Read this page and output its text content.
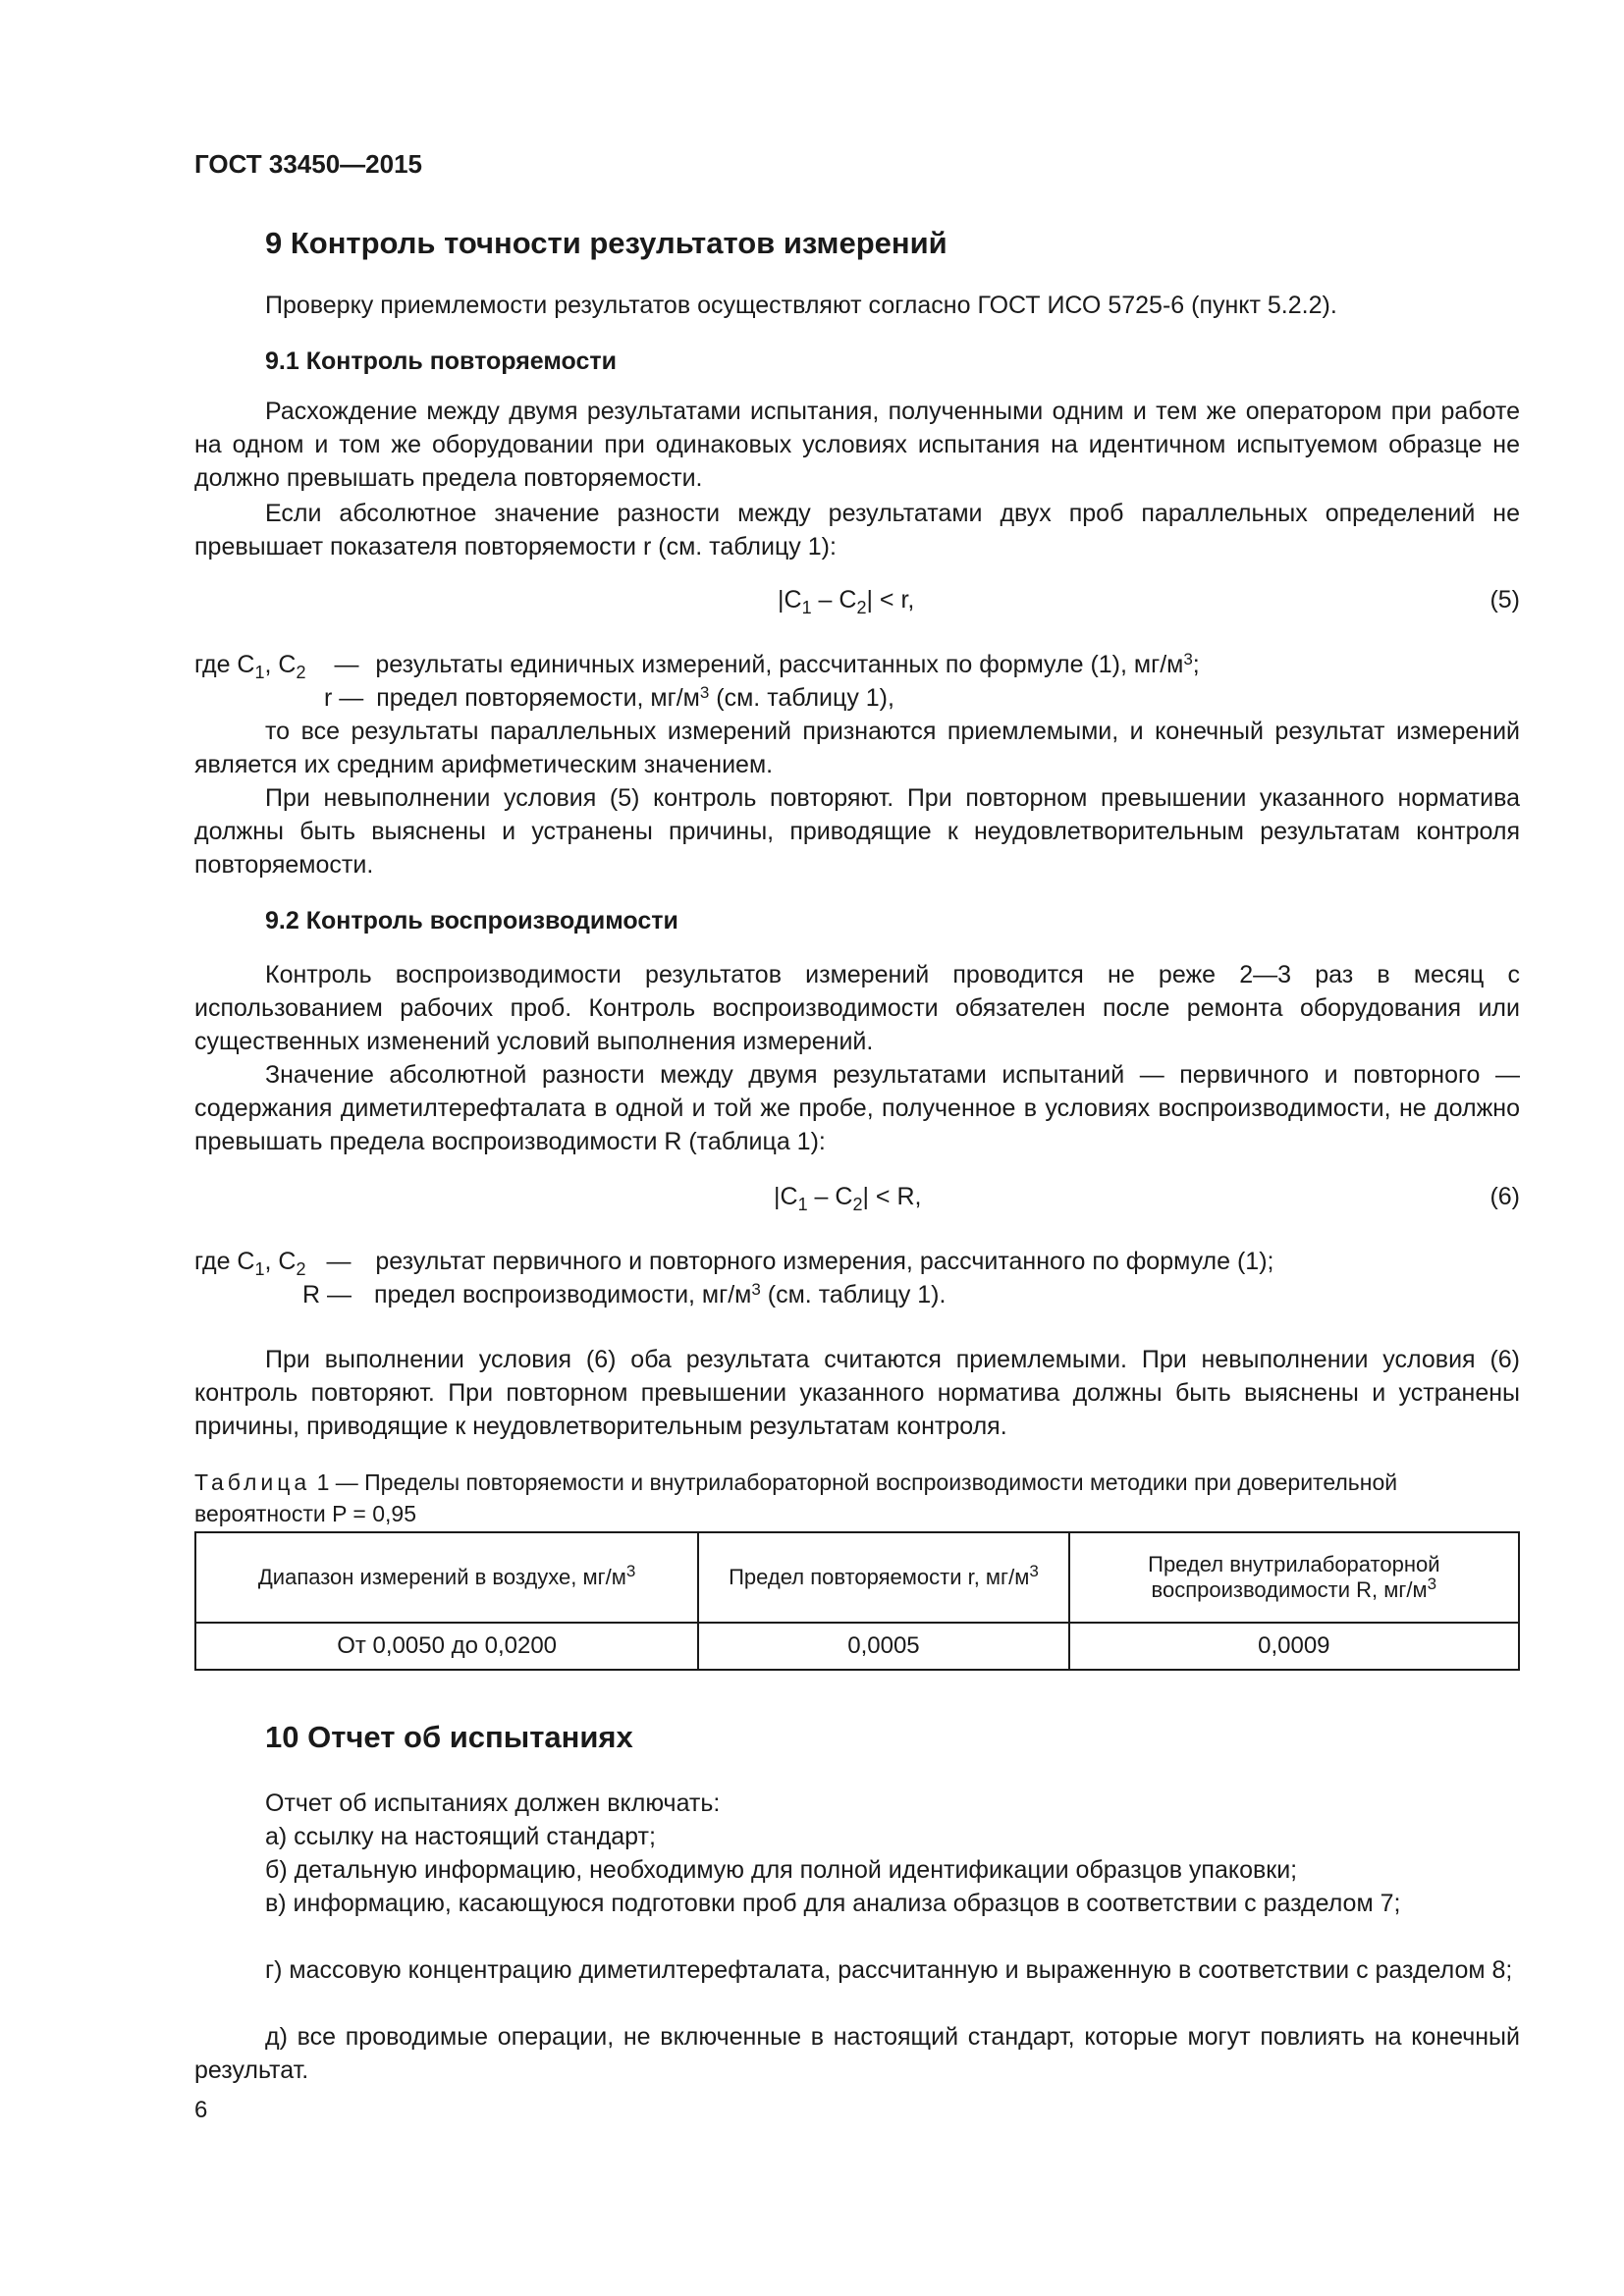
ГОСТ 33450—2015
9 Контроль точности результатов измерений

Проверку приемлемости результатов осуществляют согласно ГОСТ ИСО 5725-6 (пункт 5.2.2).

9.1 Контроль повторяемости

Расхождение между двумя результатами испытания, полученными одним и тем же оператором при работе на одном и том же оборудовании при одинаковых условиях испытания на идентичном испытуемом образце не должно превышать предела повторяемости.

Если абсолютное значение разности между результатами двух проб параллельных определений не превышает показателя повторяемости r (см. таблицу 1):

$|C_1 - C_2| < r$,	(5)
где $C_1$, $C_2$ — результаты единичных измерений, рассчитанных по формуле (1), $мг/м^3$;
r — предел повторяемости, $мг/м^3$ (см. таблицу 1),

то все результаты параллельных измерений признаются приемлемыми, и конечный результат измерений является их средним арифметическим значением.

При невыполнении условия (5) контроль повторяют. При повторном превышении указанного норматива должны быть выяснены и устранены причины, приводящие к неудовлетворительным результатам контроля повторяемости.

9.2 Контроль воспроизводимости

Контроль воспроизводимости результатов измерений проводится не реже 2—3 раз в месяц с использованием рабочих проб. Контроль воспроизводимости обязателен после ремонта оборудования или существенных изменений условий выполнения измерений.

Значение абсолютной разности между двумя результатами испытаний — первичного и повторного — содержания диметилтерефталата в одной и той же пробе, полученное в условиях воспроизводимости, не должно превышать предела воспроизводимости R (таблица 1):

$|C_1 - C_2| < R$,	(6)
где $C_1$, $C_2$ — результат первичного и повторного измерения, рассчитанного по формуле (1);
R — предел воспроизводимости, $мг/м^3$ (см. таблицу 1).

При выполнении условия (6) оба результата считаются приемлемыми. При невыполнении условия (6) контроль повторяют. При повторном превышении указанного норматива должны быть выяснены и устранены причины, приводящие к неудовлетворительным результатам контроля.

Таблица 1 — Пределы повторяемости и внутрилабораторной воспроизводимости методики при доверительной вероятности P = 0,95
Диапазон измерений в воздухе, $мг/м^3$	Предел повторяемости r, $мг/м^3$	Предел внутрилабораторной
воспроизводимости R, $мг/м^3$
От 0,0050 до 0,0200	0,0005	0,0009
10 Отчет об испытаниях

Отчет об испытаниях должен включать:

а) ссылку на настоящий стандарт;

б) детальную информацию, необходимую для полной идентификации образцов упаковки;

в) информацию, касающуюся подготовки проб для анализа образцов в соответствии с разделом 7;

г) массовую концентрацию диметилтерефталата, рассчитанную и выраженную в соответствии с разделом 8;

д) все проводимые операции, не включенные в настоящий стандарт, которые могут повлиять на конечный результат.

6
